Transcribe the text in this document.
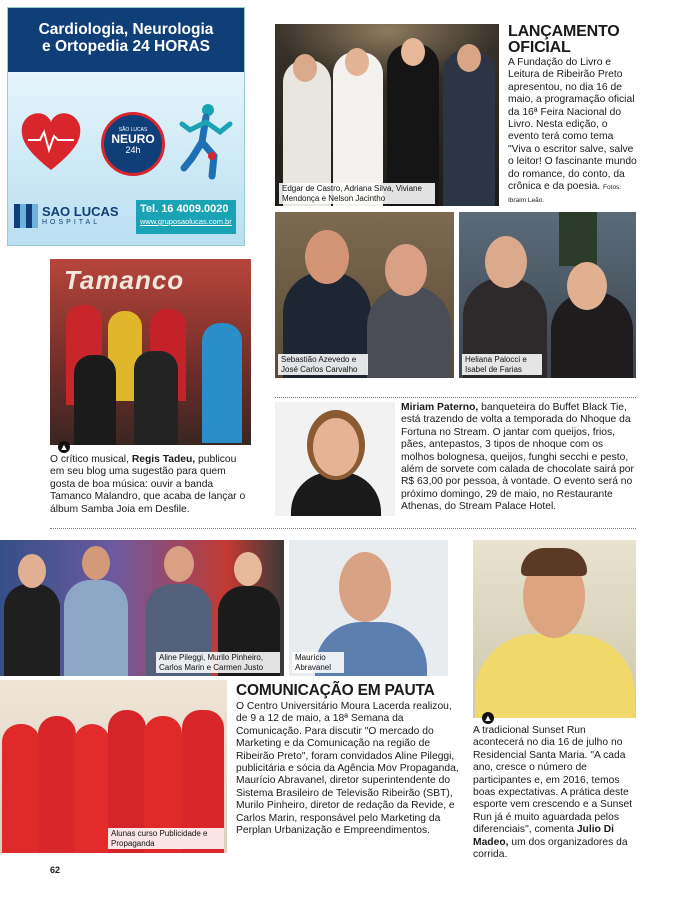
Cardiologia, Neurologia
e Ortopedia 24 HORAS
SÃO LUCAS
NEURO
24h
SAO LUCAS
HOSPITAL
Tel. 16 4009.0020
www.gruposaolucas.com.br
Edgar de Castro, Adriana Silva, Viviane Mendonça e Nelson Jacintho
LANÇAMENTO
OFICIAL
A Fundação do Livro e Leitura de Ribeirão Preto apresentou, no dia 16 de maio, a programação oficial da 16ª Feira Nacional do Livro. Nesta edição, o evento terá como tema "Viva o escritor salve, salve o leitor! O fascinante mundo do romance, do conto, da crônica e da poesia. Fotos: Ibraim Leão.
Sebastião Azevedo e José Carlos Carvalho
Heliana Palocci e Isabel de Farias
Tamanco
▲
O crítico musical, Regis Tadeu, publicou em seu blog uma sugestão para quem gosta de boa música: ouvir a banda Tamanco Malandro, que acaba de lançar o álbum Samba Joia em Desfile.
Miriam Paterno, banqueteira do Buffet Black Tie, está trazendo de volta a temporada do Nhoque da Fortuna no Stream. O jantar com queijos, frios, pães, antepastos, 3 tipos de nhoque com os molhos bolognesa, queijos, funghi secchi e pesto, além de sorvete com calada de chocolate sairá por R$ 63,00 por pessoa, à vontade. O evento será no próximo domingo, 29 de maio, no Restaurante Athenas, do Stream Palace Hotel.
Aline Pileggi, Murilo Pinheiro, Carlos Marin e Carmen Justo
Maurício Abravanel
Alunas curso Publicidade e Propaganda
COMUNICAÇÃO EM PAUTA
O Centro Universitário Moura Lacerda realizou, de 9 a 12 de maio, a 18ª Semana da Comunicação. Para discutir "O mercado do Marketing e da Comunicação na região de Ribeirão Preto", foram convidados Aline Pileggi, publicitária e sócia da Agência Mov Propaganda, Maurício Abravanel, diretor superintendente do Sistema Brasileiro de Televisão Ribeirão (SBT), Murilo Pinheiro, diretor de redação da Revide, e Carlos Marin, responsável pelo Marketing da Perplan Urbanização e Empreendimentos.
▲
A tradicional Sunset Run acontecerá no dia 16 de julho no Residencial Santa Maria. "A cada ano, cresce o número de participantes e, em 2016, temos boas expectativas. A prática deste esporte vem crescendo e a Sunset Run já é muito aguardada pelos diferenciais", comenta Julio Di Madeo, um dos organizadores da corrida.
62
